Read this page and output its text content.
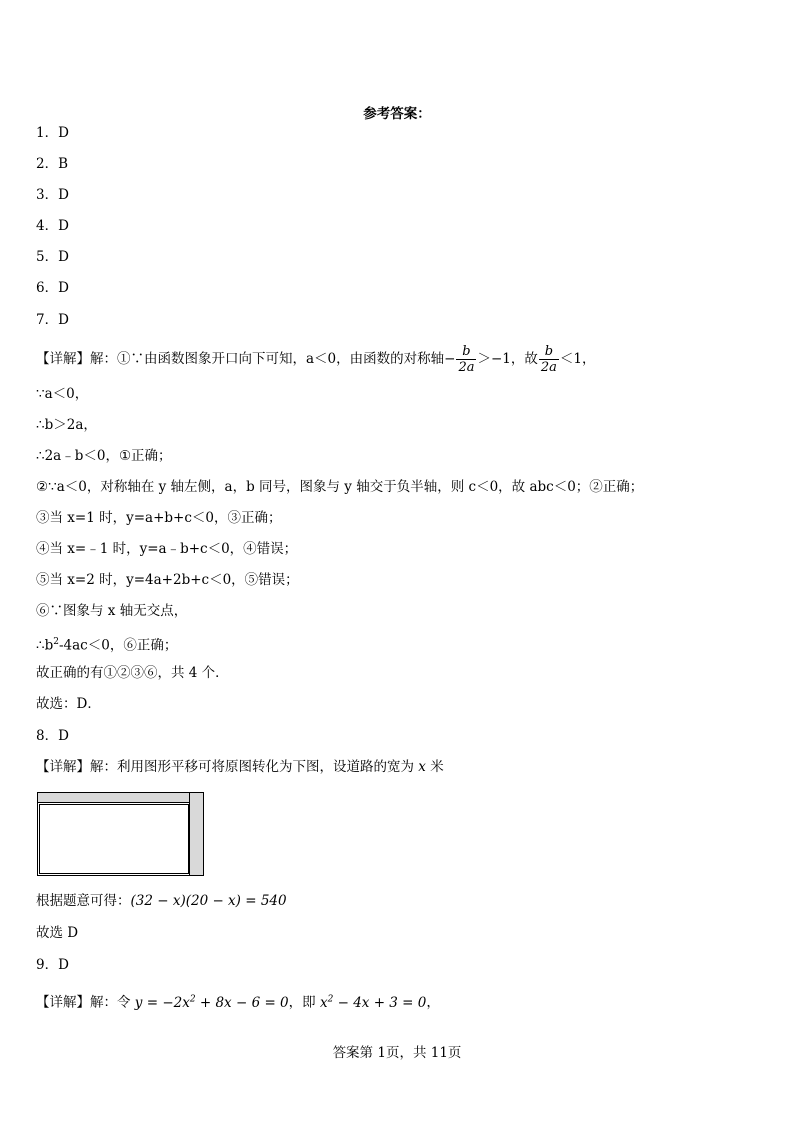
参考答案：
1．D
2．B
3．D
4．D
5．D
6．D
7．D
【详解】解：①∵由函数图象开口向下可知，a＜0，由函数的对称轴− $\frac{b}{2a} >-1$，故 $\frac{b}{2a} <1$，
∵a＜0，
∴b＞2a，
∴2a﹣b＜0，①正确；
②∵a＜0，对称轴在 y 轴左侧，a，b 同号，图象与 y 轴交于负半轴，则 c＜0，故 abc＜0；②正确；
③当 x=1 时，y=a+b+c＜0，③正确；
④当 x=﹣1 时，y=a﹣b+c＜0，④错误；
⑤当 x=2 时，y=4a+2b+c＜0，⑤错误；
⑥∵图象与 x 轴无交点，
$\therefore b^2-4ac<0$，⑥正确；
故正确的有①②③⑥，共 4 个．
故选：D．
8．D
【详解】解：利用图形平移可将原图转化为下图，设道路的宽为 x 米
根据题意可得：(32 − x)(20 − x) = 540
故选 D
9．D
【详解】解：令 $y = -2x^2 + 8x - 6 = 0$，即 $x^2 - 4x + 3 = 0$，
答案第 1页，共 11页
